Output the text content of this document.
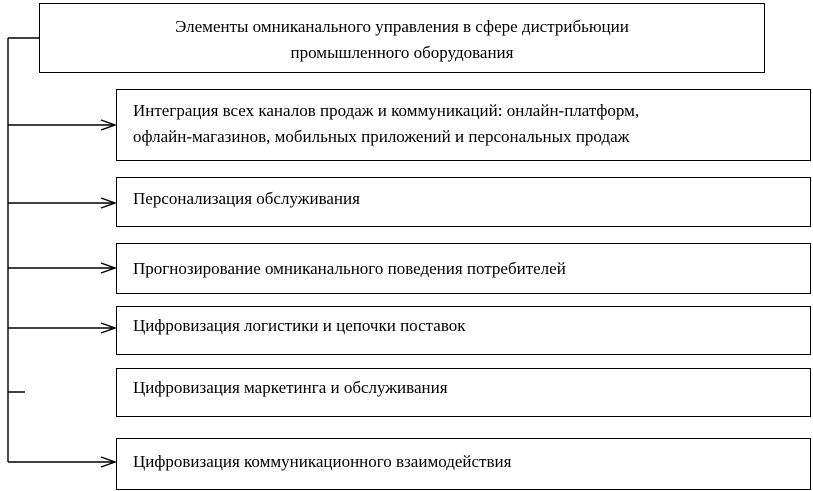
Элементы омниканального управления в сфере дистрибьюции
промышленного оборудования
Интеграция всех каналов продаж и коммуникаций: онлайн-платформ,
офлайн-магазинов, мобильных приложений и персональных продаж
Персонализация обслуживания
Прогнозирование омниканального поведения потребителей
Цифровизация логистики и цепочки поставок
Цифровизация маркетинга и обслуживания
Цифровизация коммуникационного взаимодействия
